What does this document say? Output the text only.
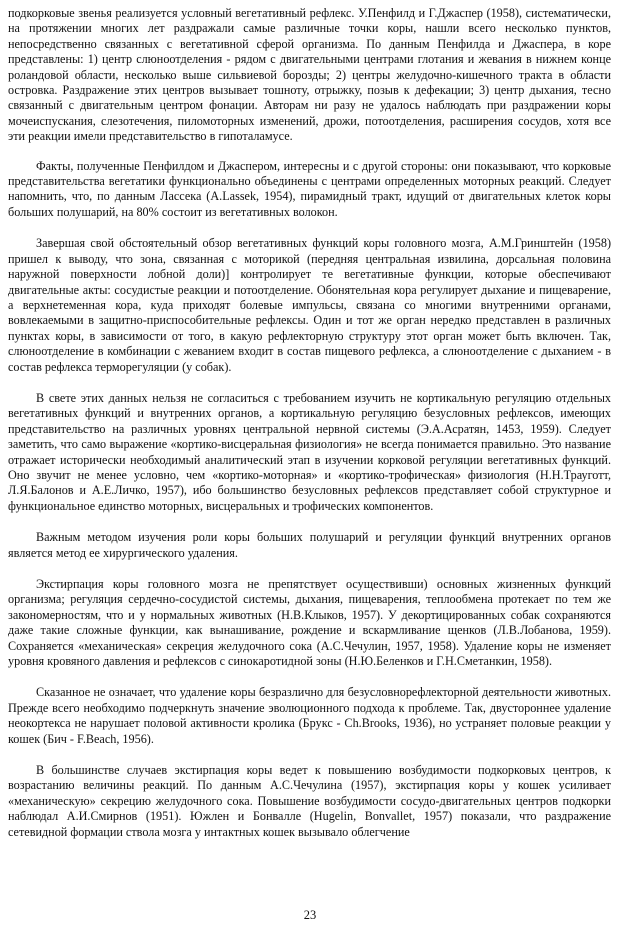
подкорковые звенья реализуется условный вегетативный рефлекс. У.Пенфилд и Г.Джаспер (1958), систематически, на протяжении многих лет раздражали самые различные точки коры, нашли всего несколько пунктов, непосредственно связанных с вегетативной сферой организма. По данным Пенфилда и Джаспера, в коре представлены: 1) центр слюноотделения - рядом с двигательными центрами глотания и жевания в нижнем конце роландовой области, несколько выше сильвиевой борозды; 2) центры желудочно-кишечного тракта в области островка. Раздражение этих центров вызывает тошноту, отрыжку, позыв к дефекации; 3) центр дыхания, тесно связанный с двигательным центром фонации. Авторам ни разу не удалось наблюдать при раздражении коры мочеиспускания, слезотечения, пиломоторных изменений, дрожи, потоотделения, расширения сосудов, хотя все эти реакции имели представительство в гипоталамусе.

Факты, полученные Пенфилдом и Джаспером, интересны и с другой стороны: они показывают, что корковые представительства вегетатики функционально объединены с центрами определенных моторных реакций. Следует напомнить, что, по данным Лассека (A.Lassek, 1954), пирамидный тракт, идущий от двигательных клеток коры больших полушарий, на 80% состоит из вегетативных волокон.

Завершая свой обстоятельный обзор вегетативных функций коры головного мозга, А.М.Гринштейн (1958) пришел к выводу, что зона, связанная с моторикой (передняя центральная извилина, дорсальная половина наружной поверхности лобной доли)] контролирует те вегетативные функции, которые обеспечивают двигательные акты: сосудистые реакции и потоотделение. Обонятельная кора регулирует дыхание и пищеварение, а верхнетеменная кора, куда приходят болевые импульсы, связана со многими внутренними органами, вовлекаемыми в защитно-приспособительные рефлексы. Один и тот же орган нередко представлен в различных пунктах коры, в зависимости от того, в какую рефлекторную структуру этот орган может быть включен. Так, слюноотделение в комбинации с жеванием входит в состав пищевого рефлекса, а слюноотделение с дыханием - в состав рефлекса терморегуляции (у собак).

В свете этих данных нельзя не согласиться с требованием изучить не кортикальную регуляцию отдельных вегетативных функций и внутренних органов, а кортикальную регуляцию безусловных рефлексов, имеющих представительство на различных уровнях центральной нервной системы (Э.А.Асратян, 1453, 1959). Следует заметить, что само выражение «кортико-висцеральная физиология» не всегда понимается правильно. Это название отражает исторически необходимый аналитический этап в изучении корковой регуляции вегетативных функций. Оно звучит не менее условно, чем «кортико-моторная» и «кортико-трофическая» физиология (Н.Н.Трауготт, Л.Я.Балонов и А.Е.Личко, 1957), ибо большинство безусловных рефлексов представляет собой структурное и функциональное единство моторных, висцеральных и трофических компонентов.

Важным методом изучения роли коры больших полушарий и регуляции функций внутренних органов является метод ее хирургического удаления.

Экстирпация коры головного мозга не препятствует осуществивши) основных жизненных функций организма; регуляция сердечно-сосудистой системы, дыхания, пищеварения, теплообмена протекает по тем же закономерностям, что и у нормальных животных (Н.В.Клыков, 1957). У декортицированных собак сохраняются даже такие сложные функции, как вынашивание, рождение и вскармливание щенков (Л.В.Лобанова, 1959). Сохраняется «механическая» секреция желудочного сока (А.С.Чечулин, 1957, 1958). Удаление коры не изменяет уровня кровяного давления и рефлексов с синокаротидной зоны (Н.Ю.Беленков и Г.Н.Сметанкин, 1958).

Сказанное не означает, что удаление коры безразлично для безусловнорефлекторной деятельности животных. Прежде всего необходимо подчеркнуть значение эволюционного подхода к проблеме. Так, двустороннее удаление неокортекса не нарушает половой активности кролика (Брукс - Ch.Brooks, 1936), но устраняет половые реакции у кошек (Бич - F.Beach, 1956).

В большинстве случаев экстирпация коры ведет к повышению возбудимости подкорковых центров, к возрастанию величины реакций. По данным А.С.Чечулина (1957), экстирпация коры у кошек усиливает «механическую» секрецию желудочного сока. Повышение возбудимости сосудо-двигательных центров подкорки наблюдал А.И.Смирнов (1951). Южлен и Бонвалле (Hugelin, Bonvallet, 1957) показали, что раздражение сетевидной формации ствола мозга у интактных кошек вызывало облегчение

23
